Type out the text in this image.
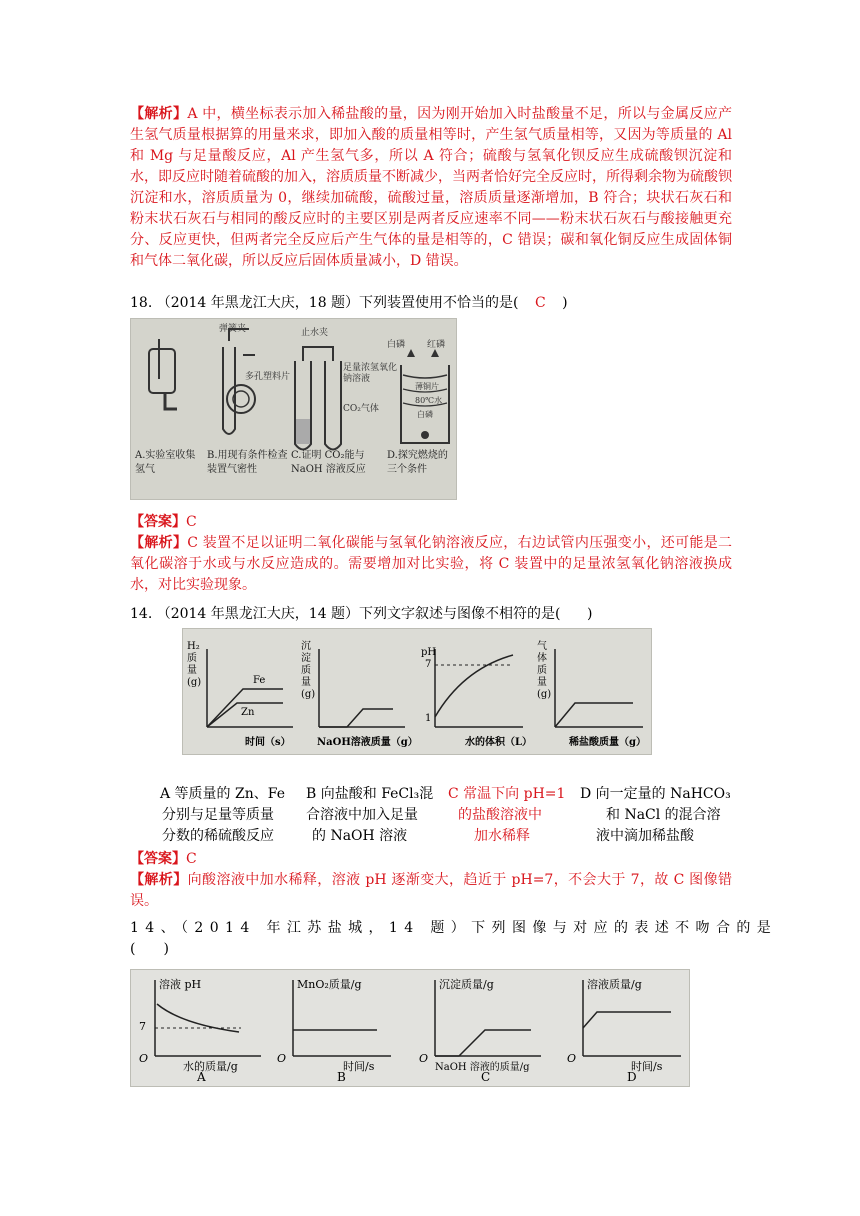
【解析】A 中，横坐标表示加入稀盐酸的量，因为刚开始加入时盐酸量不足，所以与金属反应产生氢气质量根据算的用量来求，即加入酸的质量相等时，产生氢气质量相等，又因为等质量的 Al 和 Mg 与足量酸反应，Al 产生氢气多，所以 A 符合；硫酸与氢氧化钡反应生成硫酸钡沉淀和水，即反应时随着硫酸的加入，溶质质量不断减少，当两者恰好完全反应时，所得剩余物为硫酸钡沉淀和水，溶质质量为 0，继续加硫酸，硫酸过量，溶质质量逐渐增加，B 符合；块状石灰石和粉末状石灰石与相同的酸反应时的主要区别是两者反应速率不同——粉末状石灰石与酸接触更充分、反应更快，但两者完全反应后产生气体的量是相等的，C 错误；碳和氧化铜反应生成固体铜和气体二氧化碳，所以反应后固体质量减小，D 错误。
18. （2014 年黑龙江大庆，18 题）下列装置使用不恰当的是( C )
弹簧夹
多孔塑料片
止水夹
足量浓氢氧化钠溶液
CO₂气体
白磷 红磷
薄铜片
80℃水
白磷
A.实验室收集氢气
B.用现有条件检查装置气密性
C.证明 CO₂能与 NaOH 溶液反应
D.探究燃烧的三个条件
【答案】C
【解析】C 装置不足以证明二氧化碳能与氢氧化钠溶液反应，右边试管内压强变小，还可能是二氧化碳溶于水或与水反应造成的。需要增加对比实验，将 C 装置中的足量浓氢氧化钠溶液换成水，对比实验现象。
14. （2014 年黑龙江大庆，14 题）下列文字叙述与图像不相符的是( )
H₂质量(g)
时间（s）
Fe
Zn
沉淀质量(g)
NaOH溶液质量（g）
pH
7
1
水的体积（L）
气体质量(g)
稀盐酸质量（g）
A 等质量的 Zn、Fe
分别与足量等质量
分数的稀硫酸反应
B 向盐酸和 FeCl₃混
合溶液中加入足量
的 NaOH 溶液
C 常温下向 pH=1
的盐酸溶液中
加水稀释
D 向一定量的 NaHCO₃
和 NaCl 的混合溶
液中滴加稀盐酸
【答案】C
【解析】向酸溶液中加水稀释，溶液 pH 逐渐变大，趋近于 pH=7，不会大于 7，故 C 图像错误。
14、（2014 年江苏盐城，14 题）下列图像与对应的表述不吻合的是
(　　)
溶液 pH
7
O
水的质量/g
A
MnO₂质量/g
O
时间/s
B
沉淀质量/g
O
NaOH 溶液的质量/g
C
溶液质量/g
O
时间/s
D
